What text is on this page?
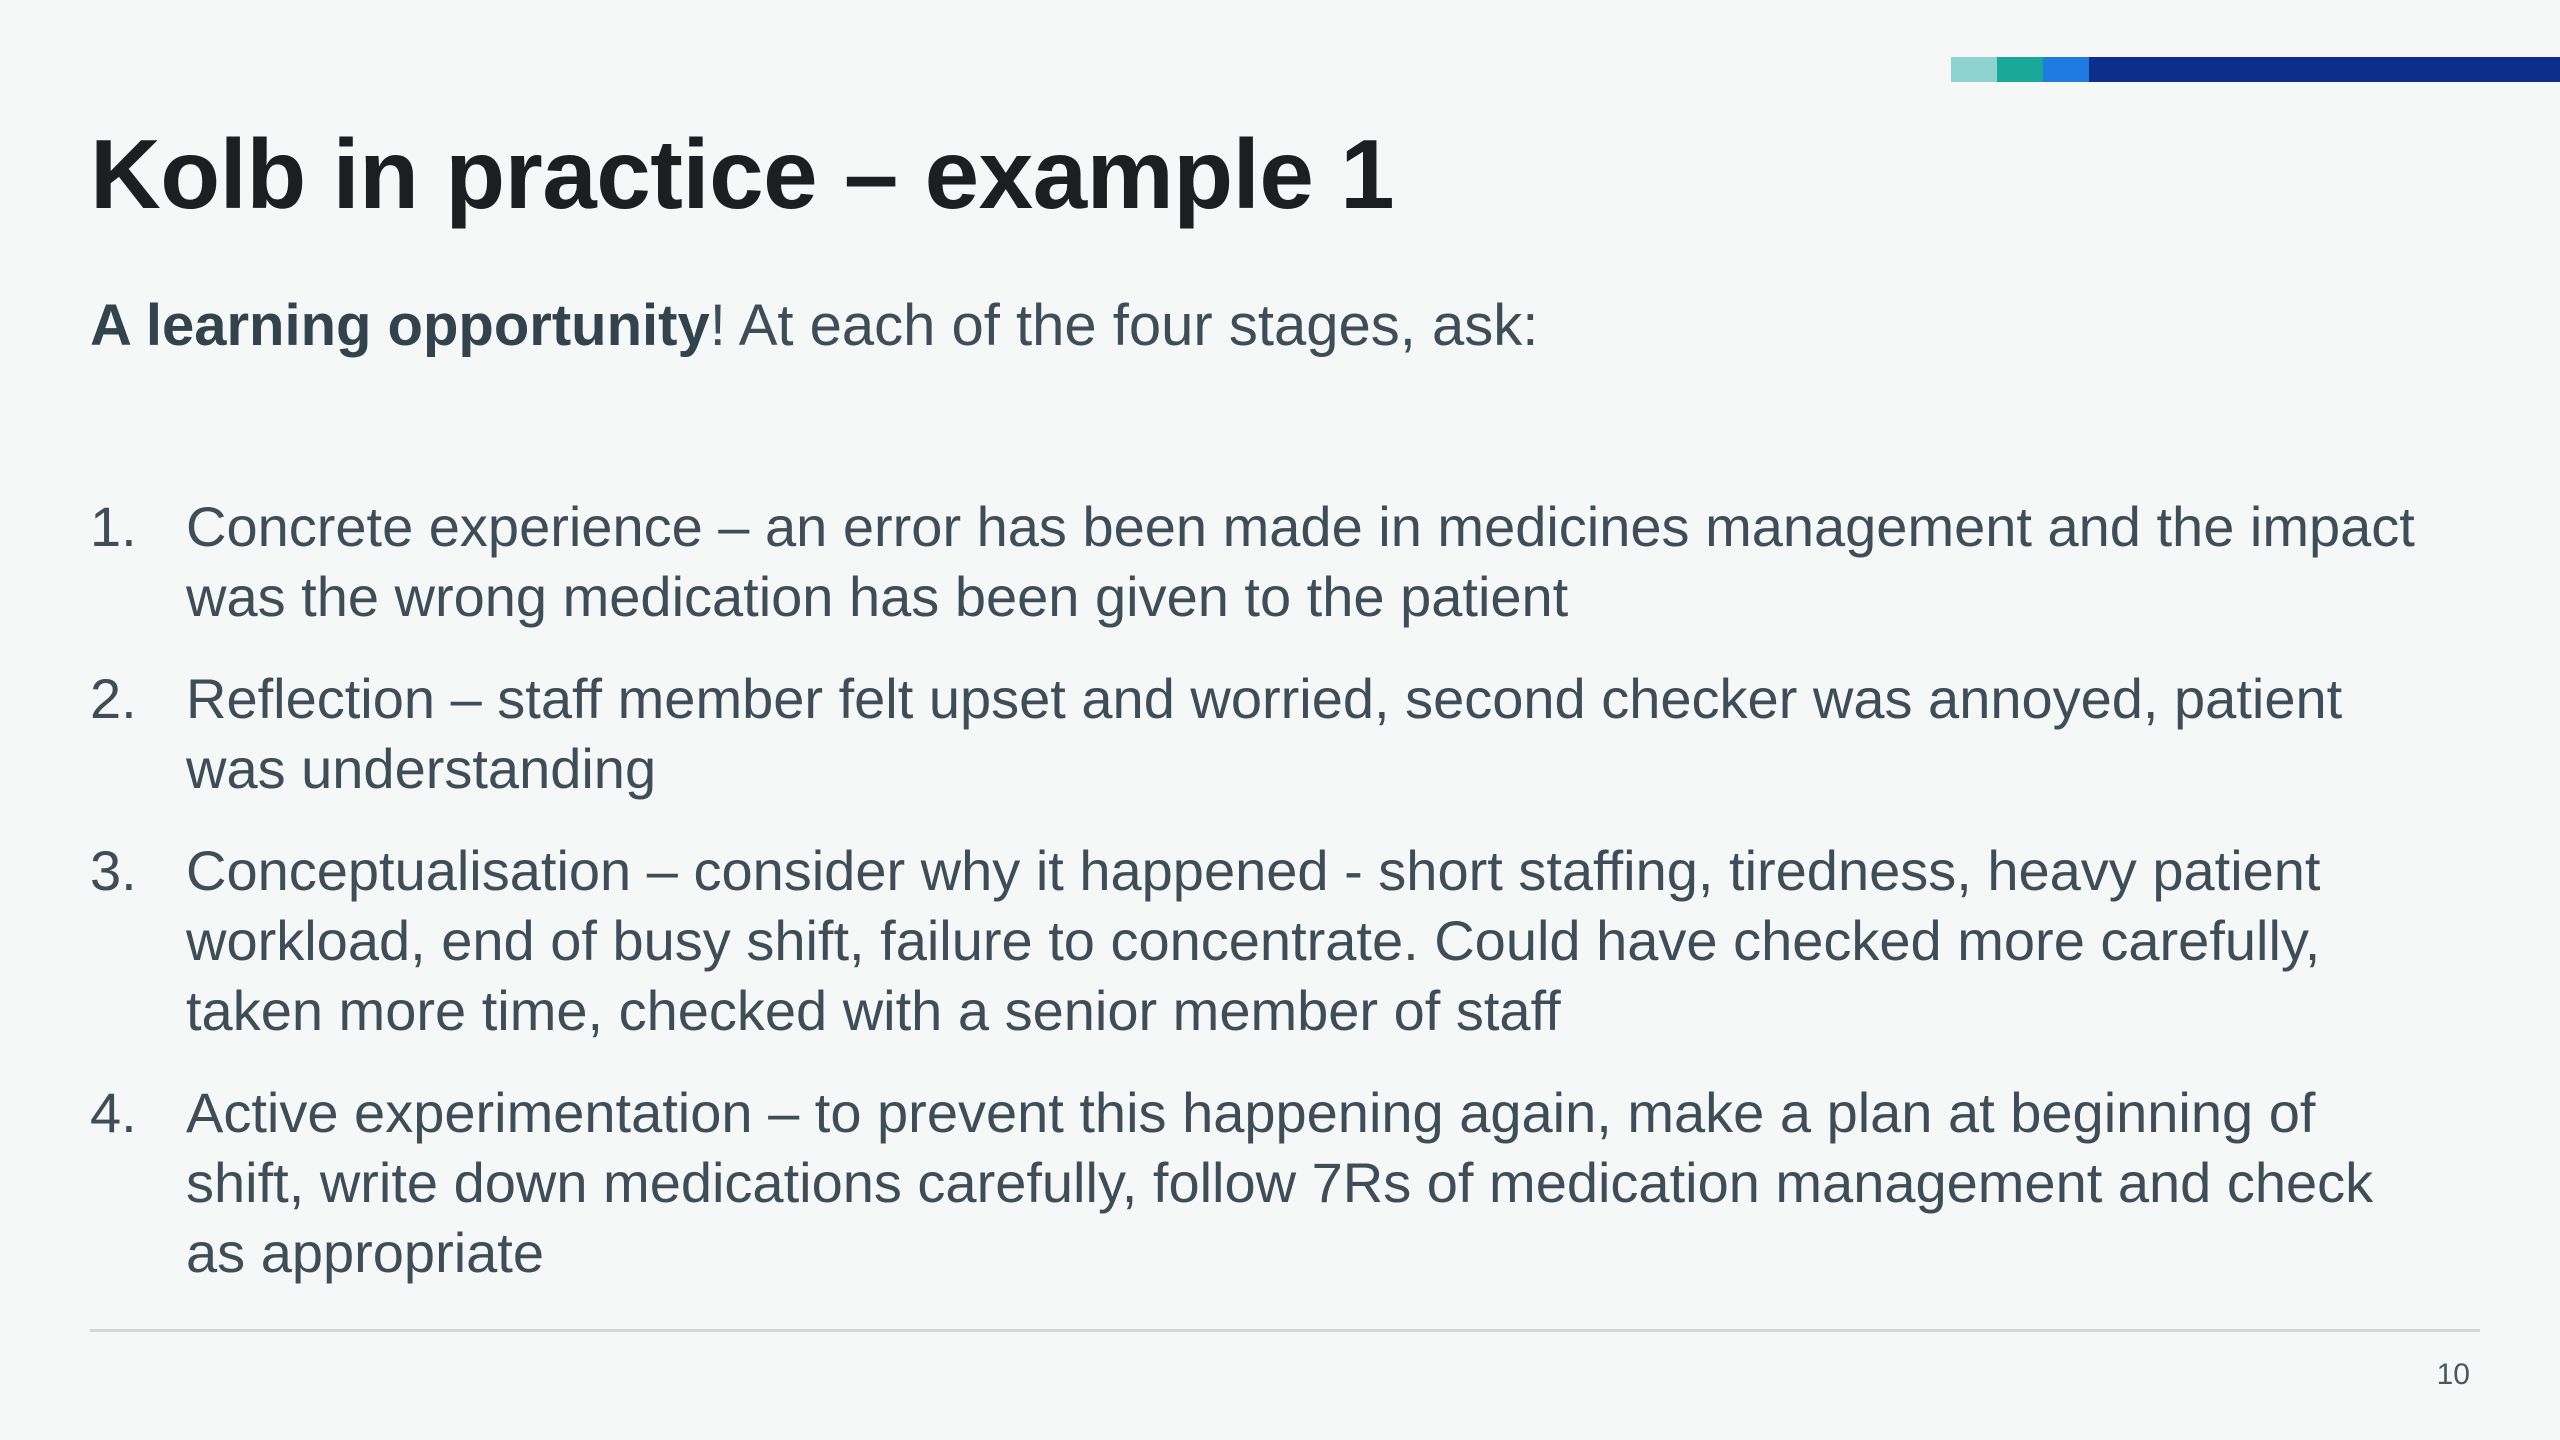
Kolb in practice – example 1

A learning opportunity! At each of the four stages, ask:

1. Concrete experience – an error has been made in medicines management and the impact was the wrong medication has been given to the patient
2. Reflection – staff member felt upset and worried, second checker was annoyed, patient was understanding
3. Conceptualisation – consider why it happened - short staffing, tiredness, heavy patient workload, end of busy shift, failure to concentrate. Could have checked more carefully, taken more time, checked with a senior member of staff
4. Active experimentation – to prevent this happening again, make a plan at beginning of shift, write down medications carefully, follow 7Rs of medication management and check as appropriate
10
